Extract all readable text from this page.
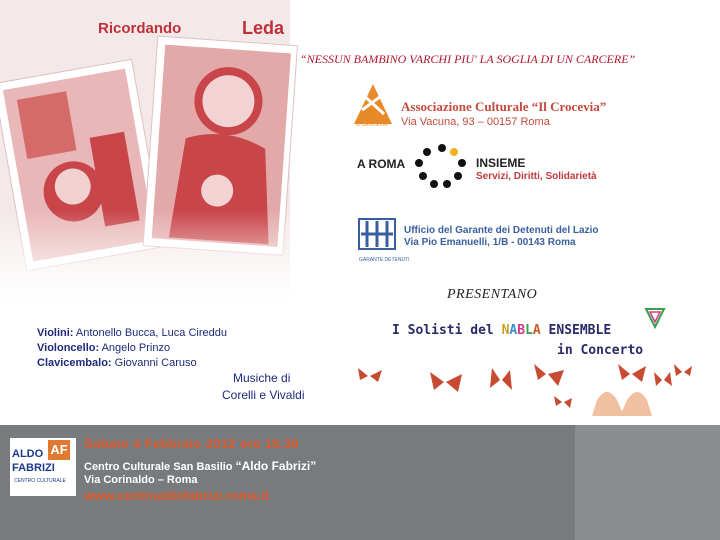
Ricordando	Leda
“NESSUN BAMBINO VARCHI PIU' LA SOGLIA DI UN CARCERE”
IL CROCEVIA
Associazione Culturale “Il Crocevia”
Via Vacuna, 93 – 00157 Roma
A ROMA	INSIEME
Servizi, Diritti, Solidarietà
GARANTE DETENUTI
Ufficio del Garante dei Detenuti del Lazio
Via Pio Emanuelli, 1/B - 00143 Roma
PRESENTANO
I Solisti del NABLA ENSEMBLE
in Concerto
Violini: Antonello Bucca, Luca Cireddu
Violoncello: Angelo Prinzo
Clavicembalo: Giovanni Caruso
Musiche di
Corelli e Vivaldi
AF
ALDO
FABRIZI
CENTRO CULTURALE
Sabato 4 Febbraio 2012 ore 18.30
Centro Culturale San Basilio “Aldo Fabrizi”
Via Corinaldo – Roma
www.centroaldofabrizi.roma.it
